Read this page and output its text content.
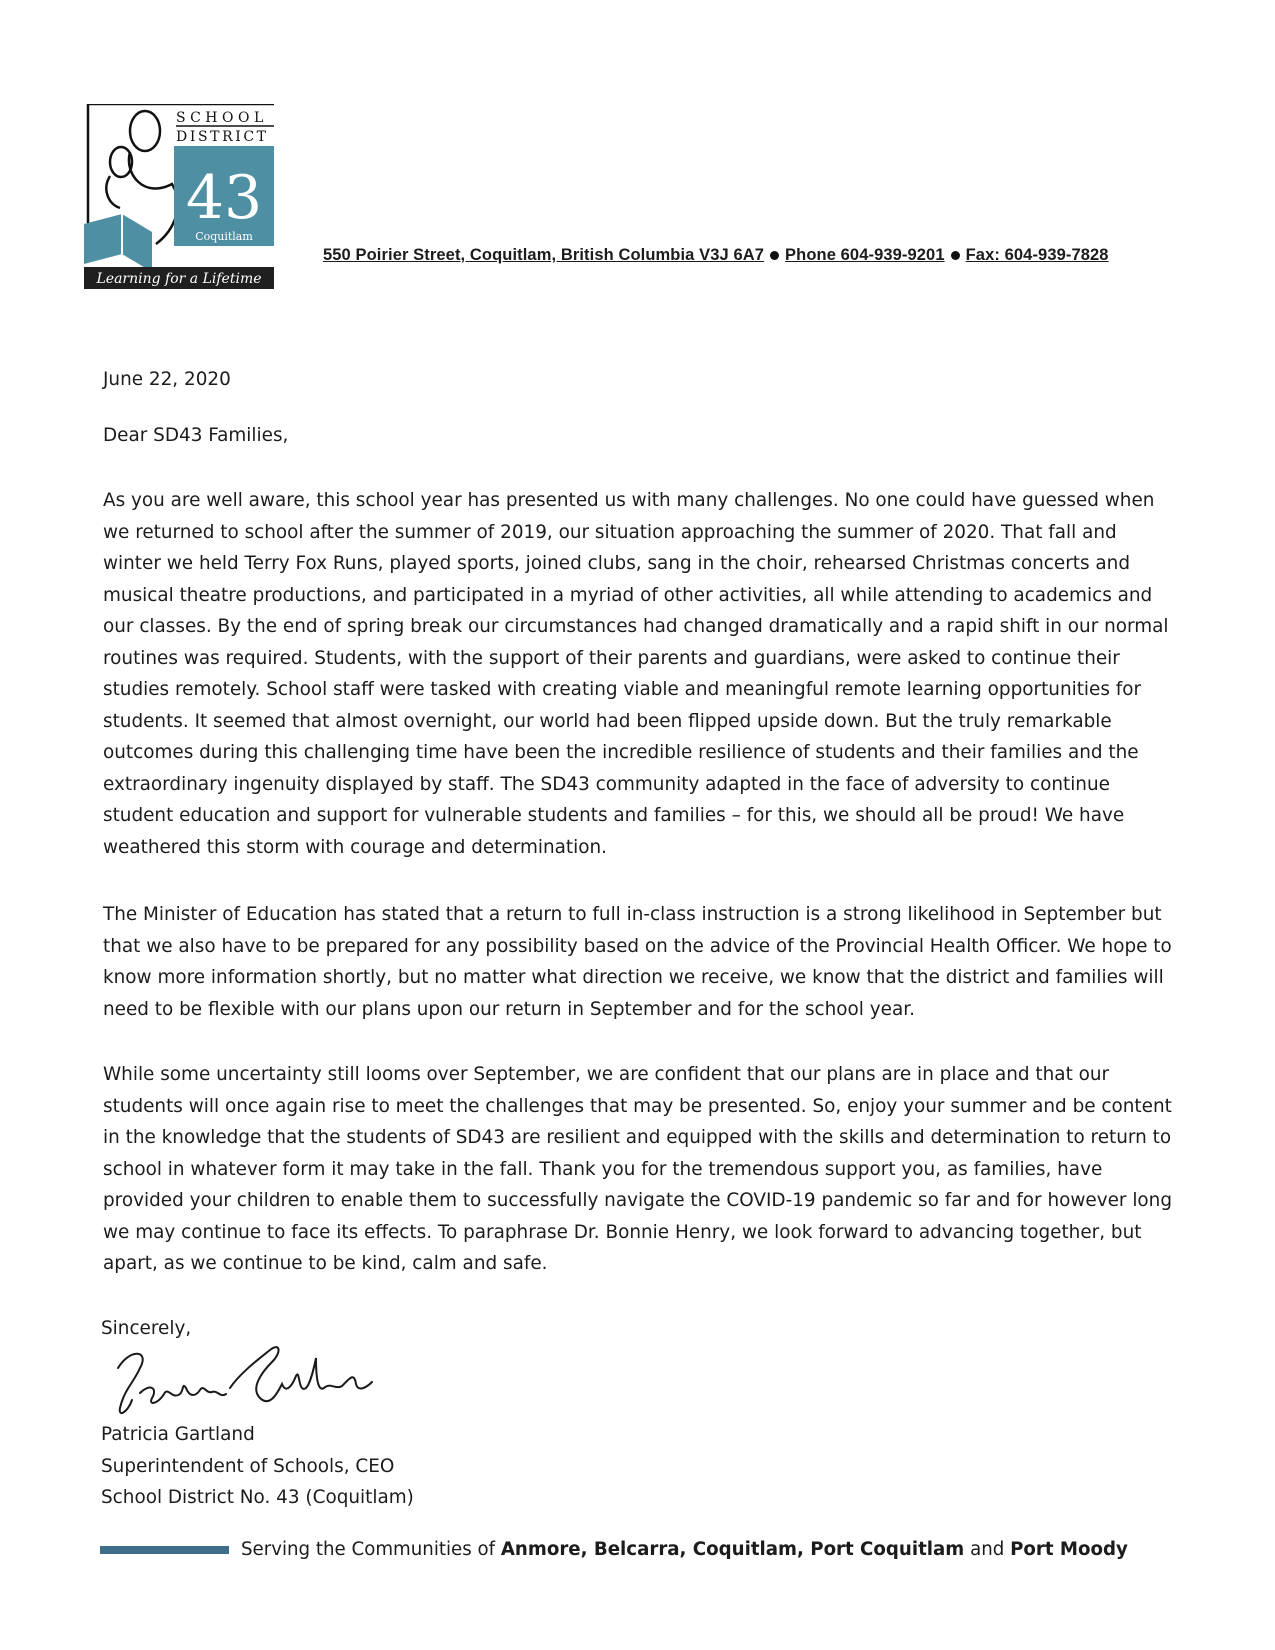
SCHOOL
DISTRICT
43
Coquitlam
Learning for a Lifetime
550 Poirier Street, Coquitlam, British Columbia V3J 6A7 Phone 604-939-9201 Fax: 604-939-7828
June 22, 2020
Dear SD43 Families,
As you are well aware, this school year has presented us with many challenges. No one could have guessed when we returned to school after the summer of 2019, our situation approaching the summer of 2020. That fall and winter we held Terry Fox Runs, played sports, joined clubs, sang in the choir, rehearsed Christmas concerts and musical theatre productions, and participated in a myriad of other activities, all while attending to academics and our classes. By the end of spring break our circumstances had changed dramatically and a rapid shift in our normal routines was required. Students, with the support of their parents and guardians, were asked to continue their studies remotely. School staff were tasked with creating viable and meaningful remote learning opportunities for students. It seemed that almost overnight, our world had been flipped upside down. But the truly remarkable outcomes during this challenging time have been the incredible resilience of students and their families and the extraordinary ingenuity displayed by staff. The SD43 community adapted in the face of adversity to continue student education and support for vulnerable students and families – for this, we should all be proud! We have weathered this storm with courage and determination.
The Minister of Education has stated that a return to full in-class instruction is a strong likelihood in September but that we also have to be prepared for any possibility based on the advice of the Provincial Health Officer. We hope to know more information shortly, but no matter what direction we receive, we know that the district and families will need to be flexible with our plans upon our return in September and for the school year.
While some uncertainty still looms over September, we are confident that our plans are in place and that our students will once again rise to meet the challenges that may be presented. So, enjoy your summer and be content in the knowledge that the students of SD43 are resilient and equipped with the skills and determination to return to school in whatever form it may take in the fall. Thank you for the tremendous support you, as families, have provided your children to enable them to successfully navigate the COVID-19 pandemic so far and for however long we may continue to face its effects. To paraphrase Dr. Bonnie Henry, we look forward to advancing together, but apart, as we continue to be kind, calm and safe.
Sincerely,
Patricia Gartland
Superintendent of Schools, CEO
School District No. 43 (Coquitlam)
Serving the Communities of Anmore, Belcarra, Coquitlam, Port Coquitlam and Port Moody
